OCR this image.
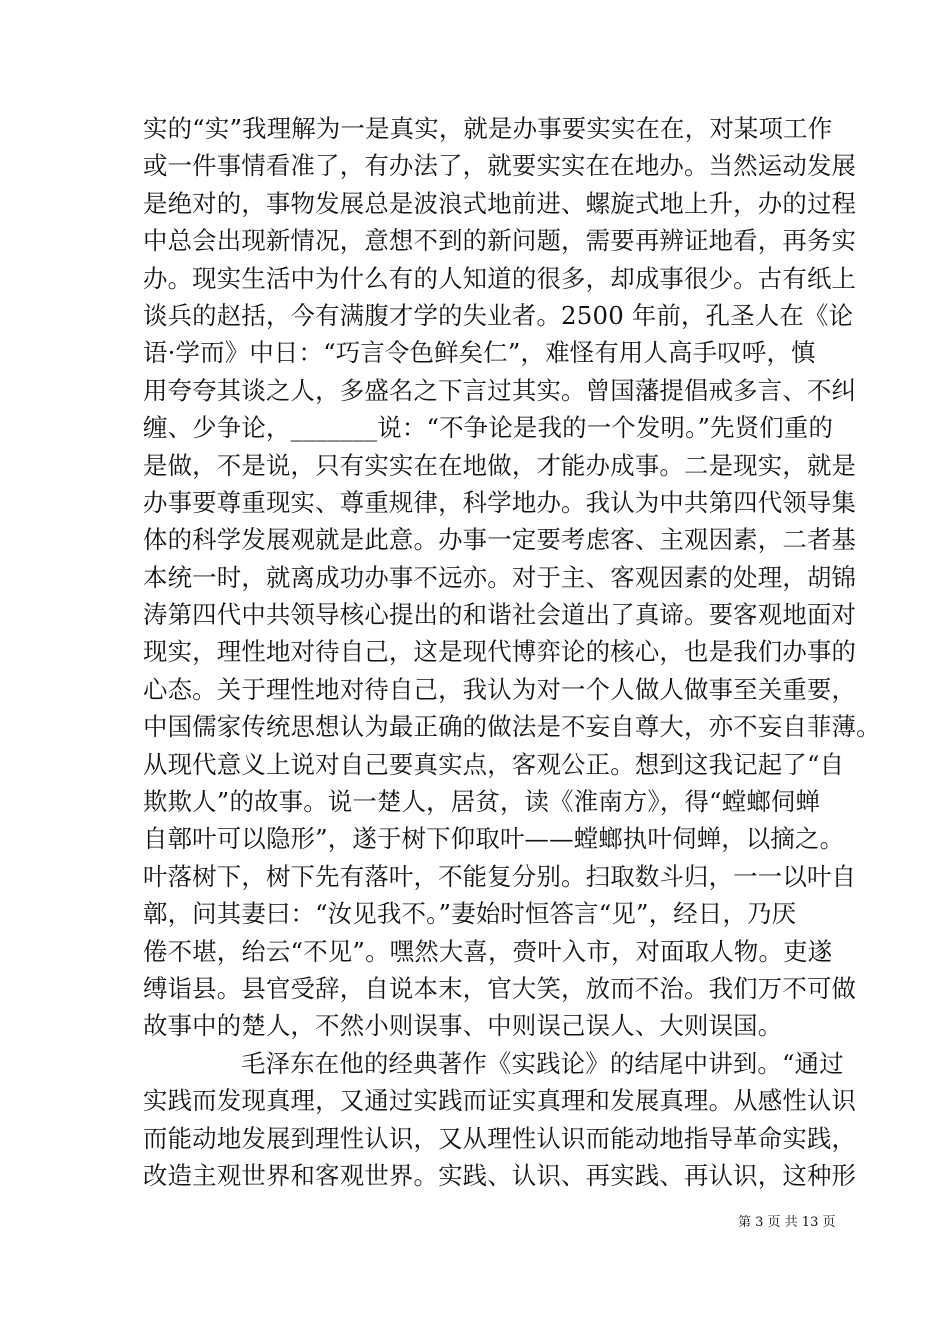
实的“实”我理解为一是真实，就是办事要实实在在，对某项工作
或一件事情看准了，有办法了，就要实实在在地办。当然运动发展
是绝对的，事物发展总是波浪式地前进、螺旋式地上升，办的过程
中总会出现新情况，意想不到的新问题，需要再辨证地看，再务实
办。现实生活中为什么有的人知道的很多，却成事很少。古有纸上
谈兵的赵括，今有满腹才学的失业者。2500 年前，孔圣人在《论
语·学而》中日：“巧言令色鲜矣仁”，难怪有用人高手叹呼，慎
用夸夸其谈之人，多盛名之下言过其实。曾国藩提倡戒多言、不纠
缠、少争论，_______说：“不争论是我的一个发明。”先贤们重的
是做，不是说，只有实实在在地做，才能办成事。二是现实，就是
办事要尊重现实、尊重规律，科学地办。我认为中共第四代领导集
体的科学发展观就是此意。办事一定要考虑客、主观因素，二者基
本统一时，就离成功办事不远亦。对于主、客观因素的处理，胡锦
涛第四代中共领导核心提出的和谐社会道出了真谛。要客观地面对
现实，理性地对待自己，这是现代博弈论的核心，也是我们办事的
心态。关于理性地对待自己，我认为对一个人做人做事至关重要，
中国儒家传统思想认为最正确的做法是不妄自尊大，亦不妄自菲薄。
从现代意义上说对自己要真实点，客观公正。想到这我记起了“自
欺欺人”的故事。说一楚人，居贫，读《淮南方》，得“螳螂伺蝉
自鄣叶可以隐形”，遂于树下仰取叶——螳螂执叶伺蝉，以摘之。
叶落树下，树下先有落叶，不能复分别。扫取数斗归，一一以叶自
鄣，问其妻曰：“汝见我不。”妻始时恒答言“见”，经日，乃厌
倦不堪，绐云“不见”。嘿然大喜，赍叶入市，对面取人物。吏遂
缚诣县。县官受辞，自说本末，官大笑，放而不治。我们万不可做
故事中的楚人，不然小则误事、中则误己误人、大则误国。
毛泽东在他的经典著作《实践论》的结尾中讲到。“通过
实践而发现真理，又通过实践而证实真理和发展真理。从感性认识
而能动地发展到理性认识，又从理性认识而能动地指导革命实践，
改造主观世界和客观世界。实践、认识、再实践、再认识，这种形
第 3 页 共 13 页
